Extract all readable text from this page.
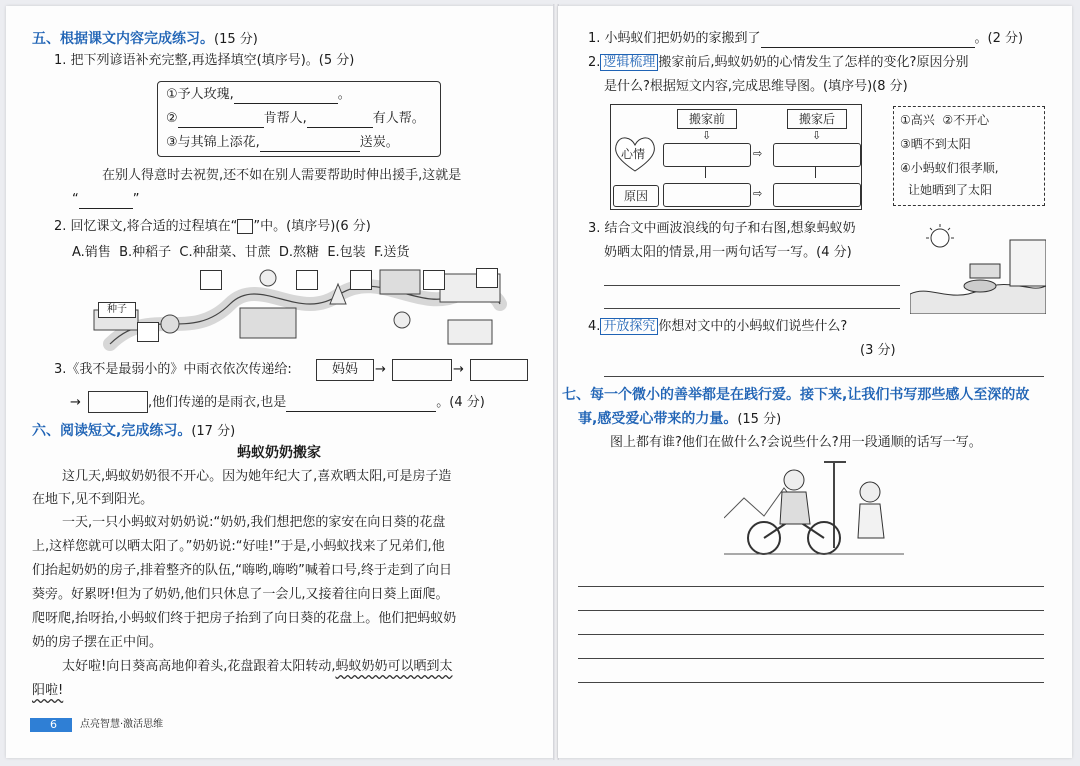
五、根据课文内容完成练习。(15 分)
1. 把下列谚语补充完整,再选择填空(填序号)。(5 分)
①予人玫瑰,	。
②	肯帮人,	有人帮。
③与其锦上添花,	送炭。
在别人得意时去祝贺,还不如在别人需要帮助时伸出援手,这就是
“	”
2. 回忆课文,将合适的过程填在“ ”中。(填序号)(6 分)
A.销售 B.种稻子 C.种甜菜、甘蔗 D.熬糖 E.包装 F.送货
种子
3.《我不是最弱小的》中雨衣依次传递给:	妈妈	→	→
→	,他们传递的是雨衣,也是	。(4 分)
六、阅读短文,完成练习。(17 分)
蚂蚁奶奶搬家
这几天,蚂蚁奶奶很不开心。因为她年纪大了,喜欢晒太阳,可是房子造
在地下,见不到阳光。
一天,一只小蚂蚁对奶奶说:“奶奶,我们想把您的家安在向日葵的花盘
上,这样您就可以晒太阳了。”奶奶说:“好哇!”于是,小蚂蚁找来了兄弟们,他
们抬起奶奶的房子,排着整齐的队伍,“嗨哟,嗨哟”喊着口号,终于走到了向日
葵旁。好累呀!但为了奶奶,他们只休息了一会儿,又接着往向日葵上面爬。
爬呀爬,抬呀抬,小蚂蚁们终于把房子抬到了向日葵的花盘上。他们把蚂蚁奶
奶的房子摆在正中间。
太好啦!向日葵高高地仰着头,花盘跟着太阳转动,蚂蚁奶奶可以晒到太
阳啦!
6	点亮智慧·激活思维
1. 小蚂蚁们把奶奶的家搬到了	。(2 分)
2. 逻辑梳理 搬家前后,蚂蚁奶奶的心情发生了怎样的变化?原因分别
是什么?根据短文内容,完成思维导图。(填序号)(8 分)
搬家前	搬家后
⇩	⇩
心情	⇨
原因	⇨
①高兴 ②不开心
③晒不到太阳
④小蚂蚁们很孝顺,
让她晒到了太阳
3. 结合文中画波浪线的句子和右图,想象蚂蚁奶
奶晒太阳的情景,用一两句话写一写。(4 分)
4. 开放探究 你想对文中的小蚂蚁们说些什么?
(3 分)
七、每一个微小的善举都是在践行爱。接下来,让我们书写那些感人至深的故
事,感受爱心带来的力量。(15 分)
图上都有谁?他们在做什么?会说些什么?用一段通顺的话写一写。
